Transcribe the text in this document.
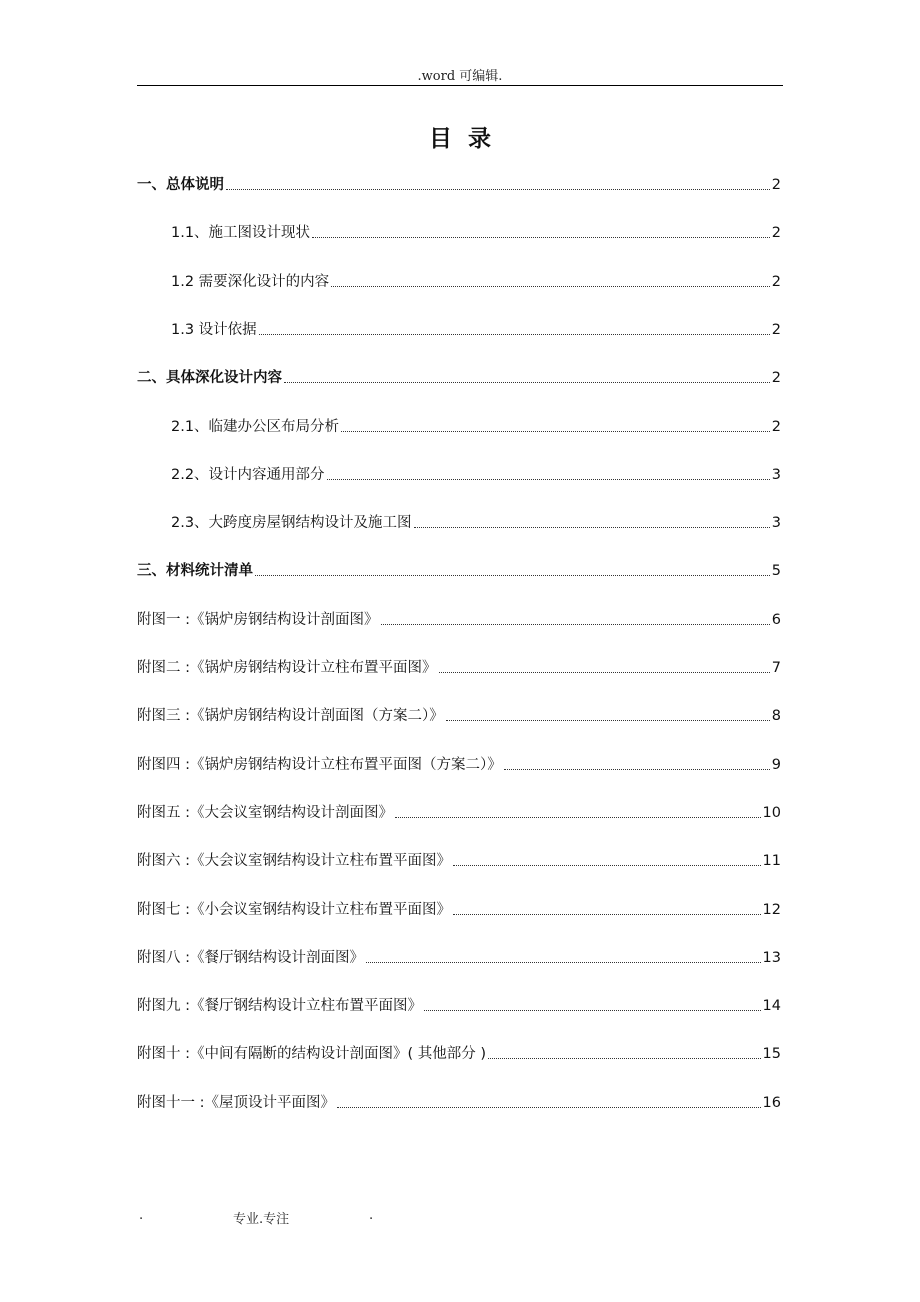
.word 可编辑.
目录
一、总体说明	2
1.1、施工图设计现状	2
1.2 需要深化设计的内容	2
1.3 设计依据	2
二、具体深化设计内容	2
2.1、临建办公区布局分析	2
2.2、设计内容通用部分	3
2.3、大跨度房屋钢结构设计及施工图	3
三、材料统计清单	5
附图一 :《锅炉房钢结构设计剖面图》	6
附图二 :《锅炉房钢结构设计立柱布置平面图》	7
附图三 :《锅炉房钢结构设计剖面图（方案二）》	8
附图四 :《锅炉房钢结构设计立柱布置平面图（方案二）》	9
附图五 :《大会议室钢结构设计剖面图》	10
附图六 :《大会议室钢结构设计立柱布置平面图》	11
附图七 :《小会议室钢结构设计立柱布置平面图》	12
附图八 :《餐厅钢结构设计剖面图》	13
附图九 :《餐厅钢结构设计立柱布置平面图》	14
附图十 :《中间有隔断的结构设计剖面图》( 其他部分 )	15
附图十一 :《屋顶设计平面图》	16
.	专业.专注	.
